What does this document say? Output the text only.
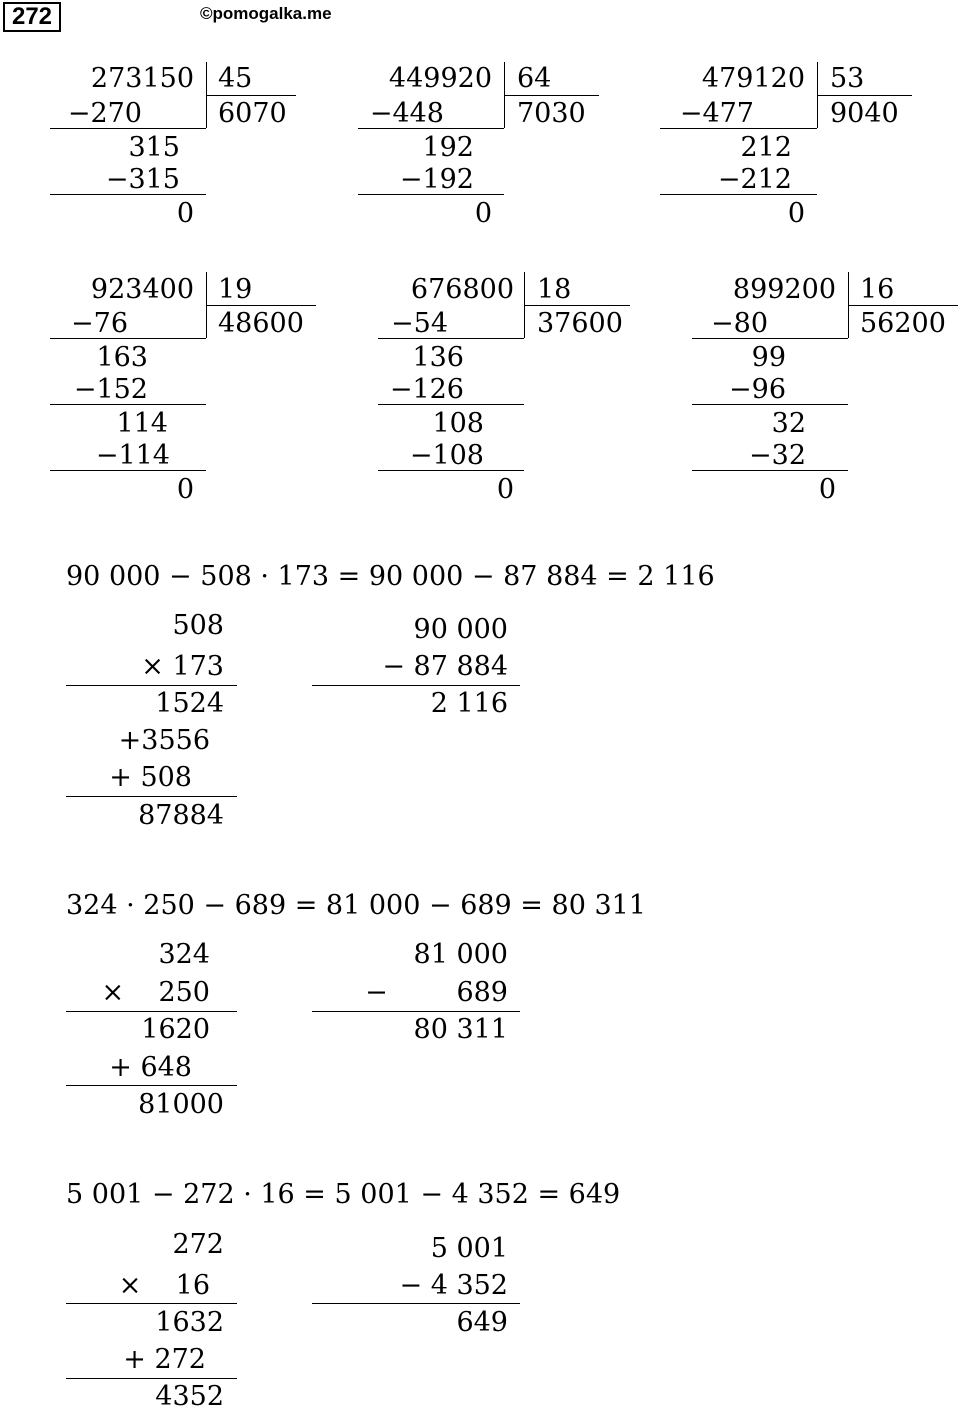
272	©pomogalka.me
273150 45
6070
−270
315
−315
0
449920 64
7030
−448
192
−192
0
479120 53
9040
−477
212
−212
0
923400 19
48600
−76
163
−152
114
−114
0
676800 18
37600
−54
136
−126
108
−108
0
899200 16
56200
−80
99
−96
32
−32
0
90 000 − 508 · 173 = 90 000 − 87 884 = 2 116
508
× 173
1524
+3556
+ 508
87884
90 000
− 87 884
2 116
324 · 250 − 689 = 81 000 − 689 = 80 311
324
×    250
1620
+ 648
81000
81 000
−        689
80 311
5 001 − 272 · 16 = 5 001 − 4 352 = 649
272
×    16
1632
+ 272
4352
5 001
− 4 352
649
